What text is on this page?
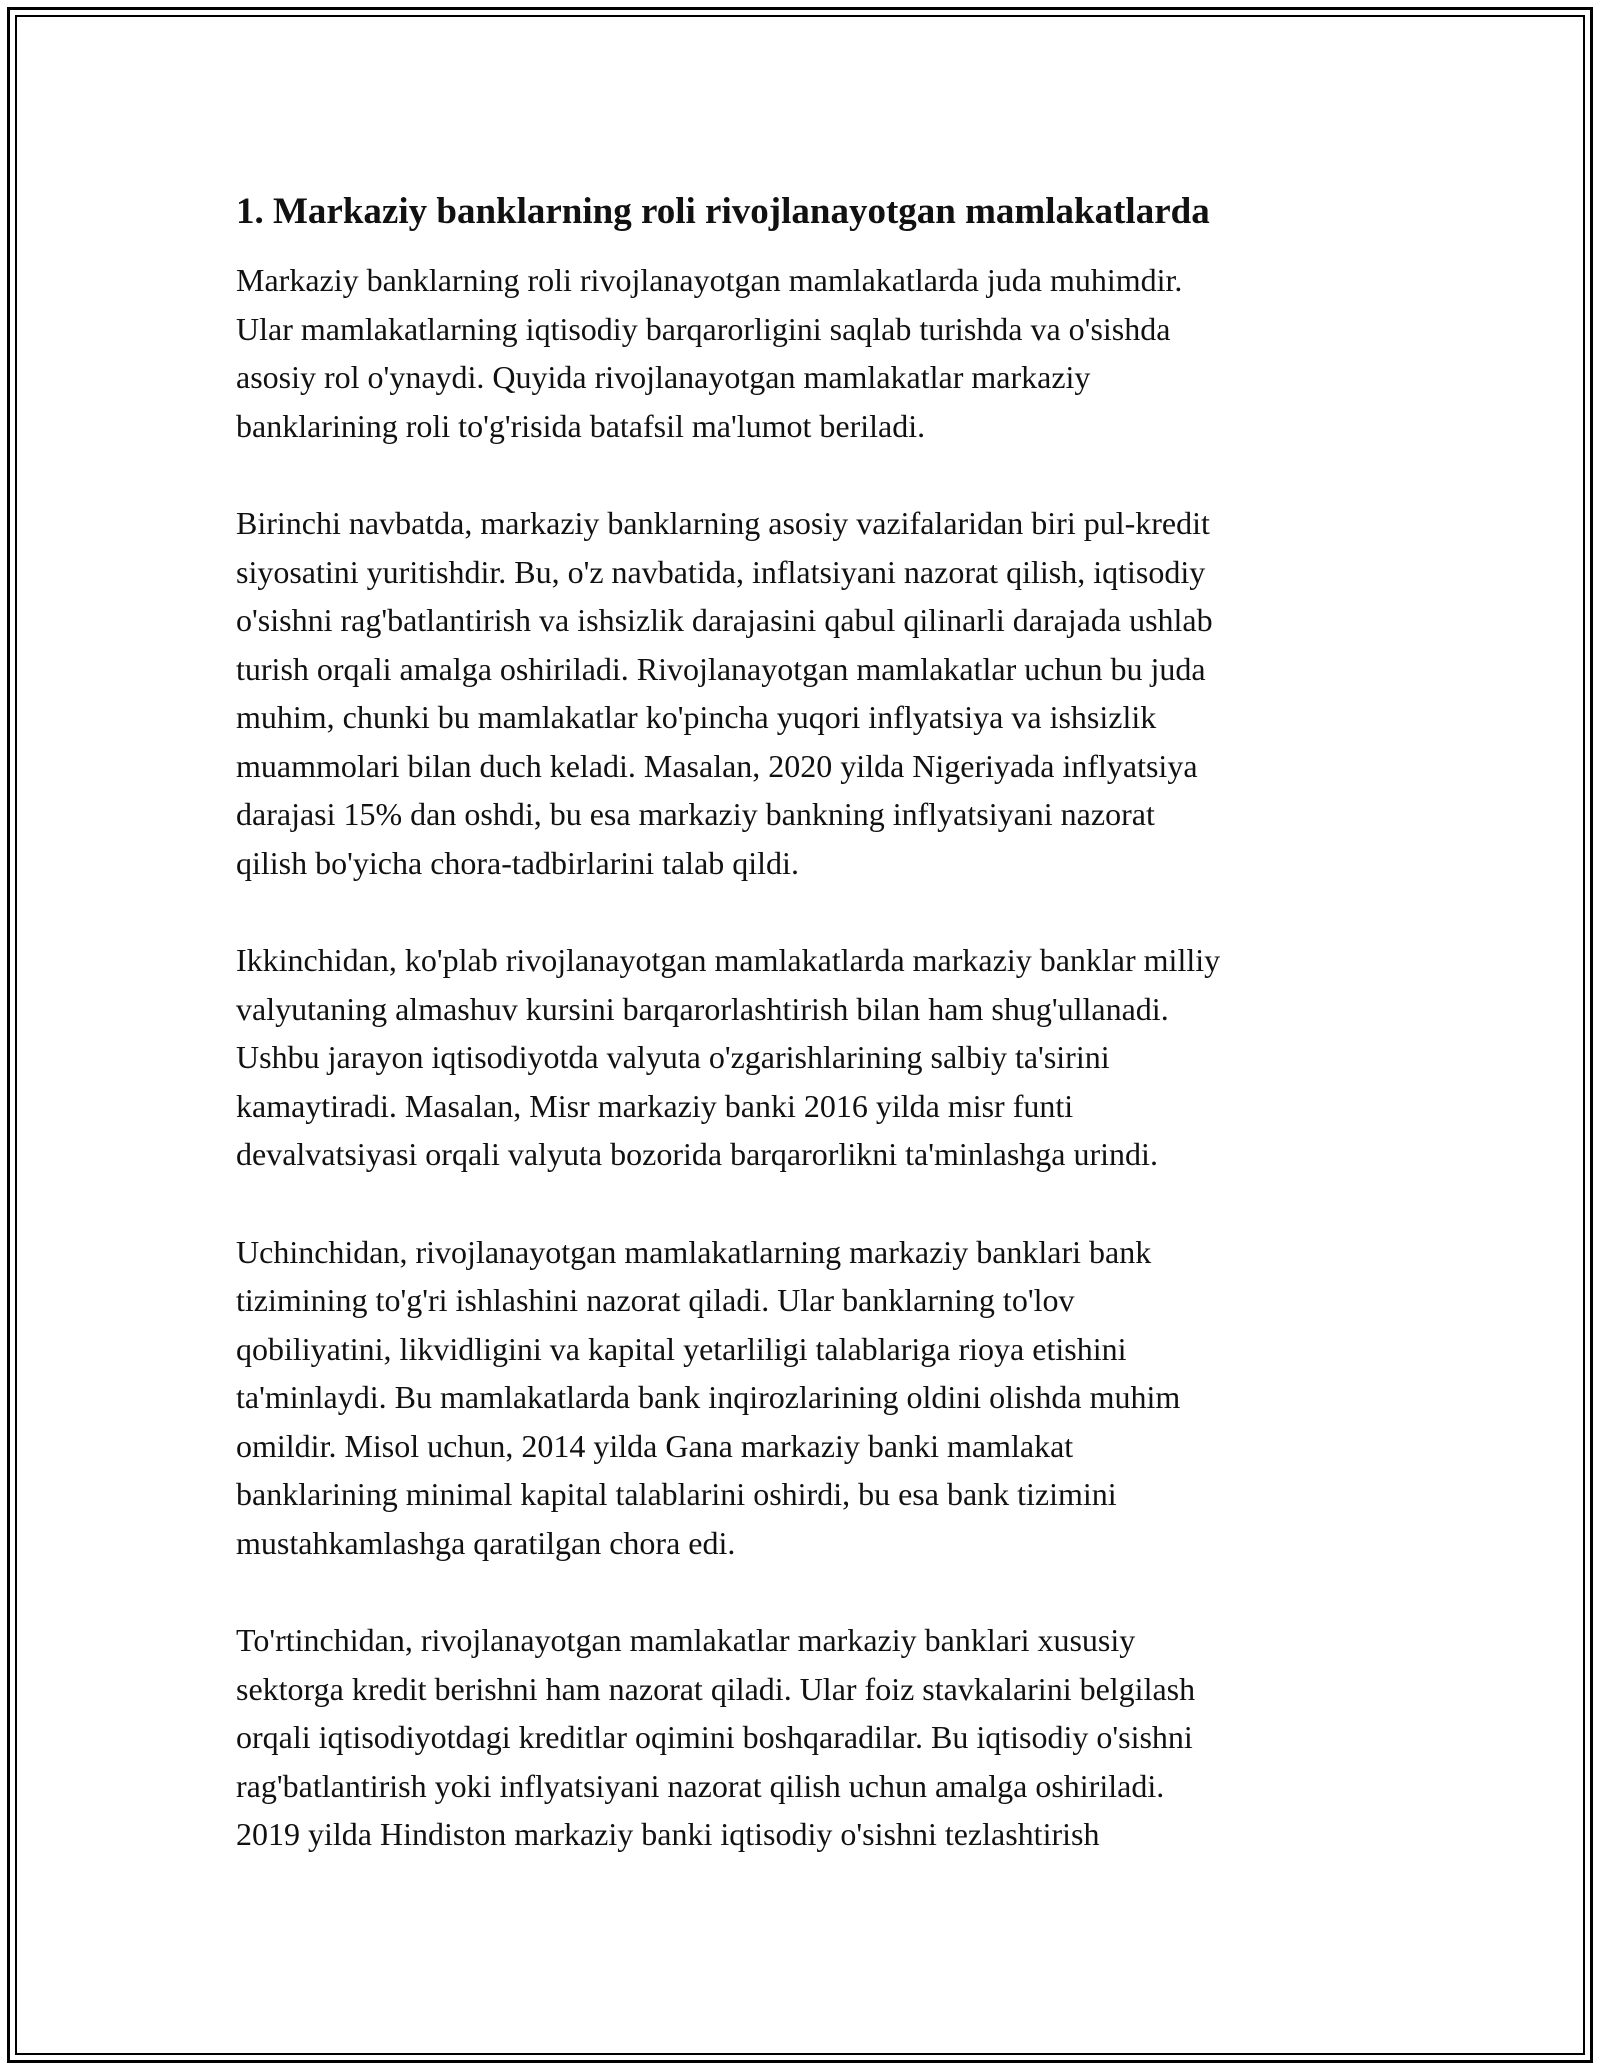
1. Markaziy banklarning roli rivojlanayotgan mamlakatlarda

Markaziy banklarning roli rivojlanayotgan mamlakatlarda juda muhimdir.
Ular mamlakatlarning iqtisodiy barqarorligini saqlab turishda va o'sishda
asosiy rol o'ynaydi. Quyida rivojlanayotgan mamlakatlar markaziy
banklarining roli to'g'risida batafsil ma'lumot beriladi.

Birinchi navbatda, markaziy banklarning asosiy vazifalaridan biri pul-kredit
siyosatini yuritishdir. Bu, o'z navbatida, inflatsiyani nazorat qilish, iqtisodiy
o'sishni rag'batlantirish va ishsizlik darajasini qabul qilinarli darajada ushlab
turish orqali amalga oshiriladi. Rivojlanayotgan mamlakatlar uchun bu juda
muhim, chunki bu mamlakatlar ko'pincha yuqori inflyatsiya va ishsizlik
muammolari bilan duch keladi. Masalan, 2020 yilda Nigeriyada inflyatsiya
darajasi 15% dan oshdi, bu esa markaziy bankning inflyatsiyani nazorat
qilish bo'yicha chora-tadbirlarini talab qildi.

Ikkinchidan, ko'plab rivojlanayotgan mamlakatlarda markaziy banklar milliy
valyutaning almashuv kursini barqarorlashtirish bilan ham shug'ullanadi.
Ushbu jarayon iqtisodiyotda valyuta o'zgarishlarining salbiy ta'sirini
kamaytiradi. Masalan, Misr markaziy banki 2016 yilda misr funti
devalvatsiyasi orqali valyuta bozorida barqarorlikni ta'minlashga urindi.

Uchinchidan, rivojlanayotgan mamlakatlarning markaziy banklari bank
tizimining to'g'ri ishlashini nazorat qiladi. Ular banklarning to'lov
qobiliyatini, likvidligini va kapital yetarliligi talablariga rioya etishini
ta'minlaydi. Bu mamlakatlarda bank inqirozlarining oldini olishda muhim
omildir. Misol uchun, 2014 yilda Gana markaziy banki mamlakat
banklarining minimal kapital talablarini oshirdi, bu esa bank tizimini
mustahkamlashga qaratilgan chora edi.

To'rtinchidan, rivojlanayotgan mamlakatlar markaziy banklari xususiy
sektorga kredit berishni ham nazorat qiladi. Ular foiz stavkalarini belgilash
orqali iqtisodiyotdagi kreditlar oqimini boshqaradilar. Bu iqtisodiy o'sishni
rag'batlantirish yoki inflyatsiyani nazorat qilish uchun amalga oshiriladi.
2019 yilda Hindiston markaziy banki iqtisodiy o'sishni tezlashtirish
